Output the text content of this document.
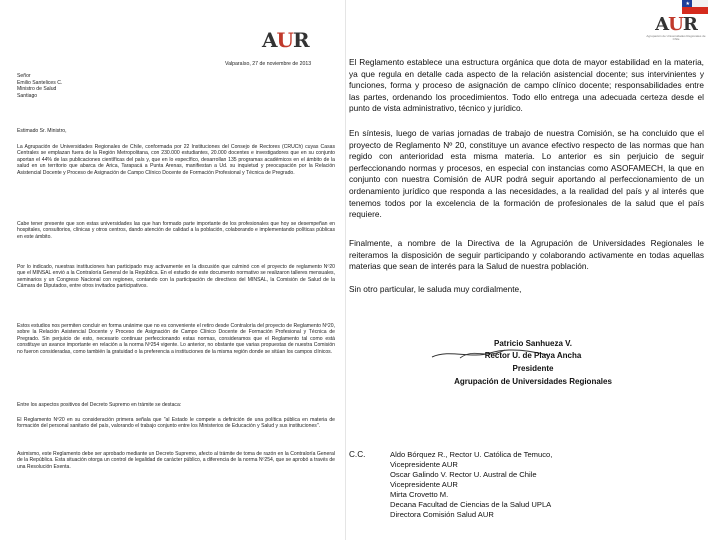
AUR
Valparaíso, 27 de noviembre de 2013
Señor
Emilio Santelices C.
Ministro de Salud
Santiago

Estimado Sr. Ministro,

La Agrupación de Universidades Regionales de Chile, conformada por 22 Instituciones del Consejo de Rectores (CRUCh) cuyas Casas Centrales se emplazan fuera de la Región Metropolitana, con 230.000 estudiantes, 20.000 docentes e investigadores que en su conjunto aportan el 44% de las publicaciones científicas del país y, que en lo específico, desarrollan 135 programas académicos en el ámbito de la salud en un territorio que abarca de Arica, Tarapacá a Punta Arenas, manifiestan a Ud. su inquietud y preocupación por la Relación Asistencial Docente y Proceso de Asignación de Campo Clínico Docente de Formación Profesional y Técnica de Pregrado.

Cabe tener presente que son estas universidades las que han formado parte importante de los profesionales que hoy se desempeñan en hospitales, consultorios, clínicas y otros centros, dando atención de calidad a la población, colaborando e implementando políticas públicas en este ámbito.

Por lo indicado, nuestras instituciones han participado muy activamente en la discusión que culminó con el proyecto de reglamento Nº20 que el MINSAL envió a la Contraloría General de la República. En el estudio de este documento normativo se realizaron talleres mensuales, seminarios y un Congreso Nacional con regiones, contando con la participación de directivos del MINSAL, la Comisión de Salud de la Cámara de Diputados, entre otros invitados participativos.

Estos estudios nos permiten concluir en forma unánime que no es conveniente el retiro desde Contraloría del proyecto de Reglamento Nº20, sobre la Relación Asistencial Docente y Proceso de Asignación de Campo Clínico Docente de Formación Profesional y Técnica de Pregrado. Sin perjuicio de esto, necesario continuar perfeccionando estas normas, consideramos que el Reglamento tal como está constituye un avance importante en relación a la norma Nº254 vigente. Lo anterior, no obstante que varias propuestas de nuestra Comisión no fueron consideradas, como también la gratuidad o la preferencia a instituciones de la misma región donde se sitúan los campos clínicos.

Entre los aspectos positivos del Decreto Supremo en trámite se destaca:

El Reglamento Nº20 en su consideración primera señala que "al Estado le compete a definición de una política pública en materia de formación del personal sanitario del país, valorando el trabajo conjunto entre los Ministerios de Educación y Salud y sus instituciones".

Asimismo, este Reglamento debe ser aprobado mediante un Decreto Supremo, afecto al trámite de toma de razón en la Contraloría General de la República. Esta situación otorga un control de legalidad de carácter público, a diferencia de la norma Nº254, que se aprobó a través de una Resolución Exenta.

★
AUR
Agrupación de Universidades Regionales de Chile

El Reglamento establece una estructura orgánica que dota de mayor estabilidad en la materia, ya que regula en detalle cada aspecto de la relación asistencial docente; sus intervinientes y funciones, forma y proceso de asignación de campo clínico docente; responsabilidades entre las partes, ordenando los procedimientos. Todo ello entrega una adecuada certeza desde el punto de vista administrativo, técnico y jurídico.

En síntesis, luego de varias jornadas de trabajo de nuestra Comisión, se ha concluido que el proyecto de Reglamento Nº 20, constituye un avance efectivo respecto de las normas que han regido con anterioridad esta misma materia. Lo anterior es sin perjuicio de seguir perfeccionando normas y procesos, en especial con instancias como ASOFAMECH, la que en conjunto con nuestra Comisión de AUR podrá seguir aportando al perfeccionamiento de un ordenamiento jurídico que responda a las necesidades, a la realidad del país y al interés que tenemos todos por la excelencia de la formación de profesionales de la salud que el país requiere.

Finalmente, a nombre de la Directiva de la Agrupación de Universidades Regionales le reiteramos la disposición de seguir participando y colaborando activamente en todas aquellas materias que sean de interés para la Salud de nuestra población.

Sin otro particular, le saluda muy cordialmente,

Patricio Sanhueza V.
Rector U. de Playa Ancha
Presidente
Agrupación de Universidades Regionales
C.C.	Aldo Bórquez R., Rector U. Católica de Temuco,
Vicepresidente AUR
Oscar Galindo V. Rector U. Austral de Chile
Vicepresidente AUR
Mirta Crovetto M.
Decana Facultad de Ciencias de la Salud UPLA
Directora Comisión Salud AUR
